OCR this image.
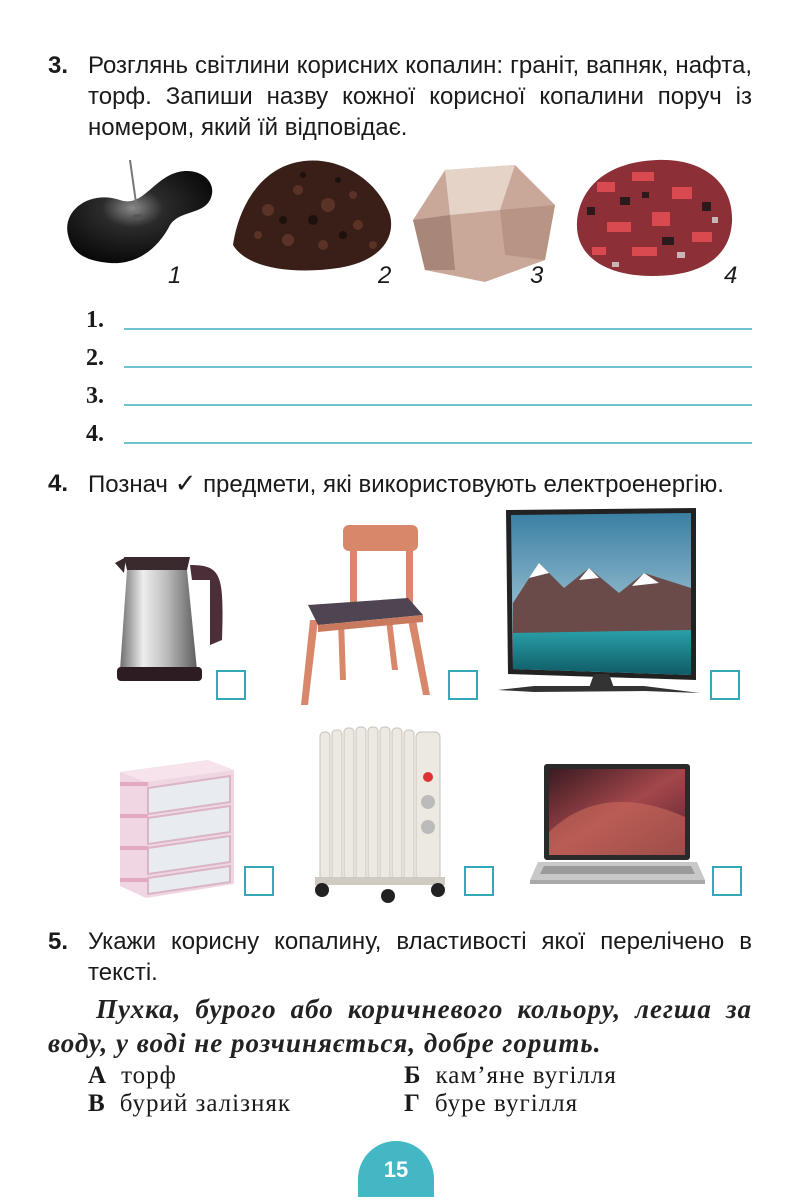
3. Розглянь світлини корисних копалин: граніт, вапняк, нафта, торф. Запиши назву кожної корисної копалини поруч із номером, який їй відповідає.
1	2	3	4
1.
2.
3.
4.
4. Познач ✓ предмети, які використовують електроенергію.
5. Укажи корисну копалину, властивості якої перелічено в тексті.
Пухка, бурого або коричневого кольору, легша за воду, у воді не розчиняється, добре горить.
А торф	Б кам’яне вугілля
В бурий залізняк	Г буре вугілля
15
